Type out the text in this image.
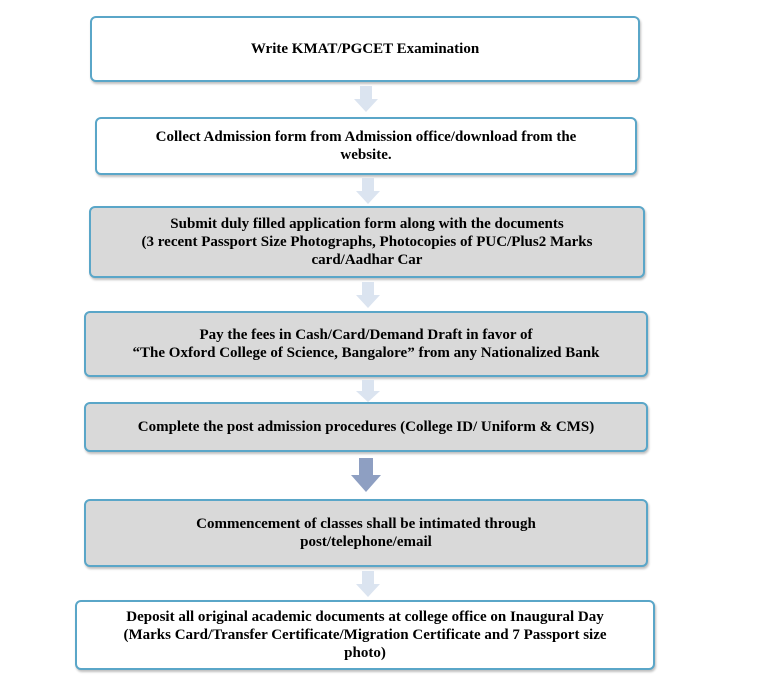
Write KMAT/PGCET Examination
Collect Admission form from Admission office/download from the
website.
Submit duly filled application form along with the documents
(3 recent Passport Size Photographs, Photocopies of PUC/Plus2 Marks
card/Aadhar Car
Pay the fees in Cash/Card/Demand Draft in favor of
“The Oxford College of Science, Bangalore” from any Nationalized Bank
Complete the post admission procedures (College ID/ Uniform & CMS)
Commencement of classes shall be intimated through
post/telephone/email
Deposit all original academic documents at college office on Inaugural Day
(Marks Card/Transfer Certificate/Migration Certificate and 7 Passport size
photo)
